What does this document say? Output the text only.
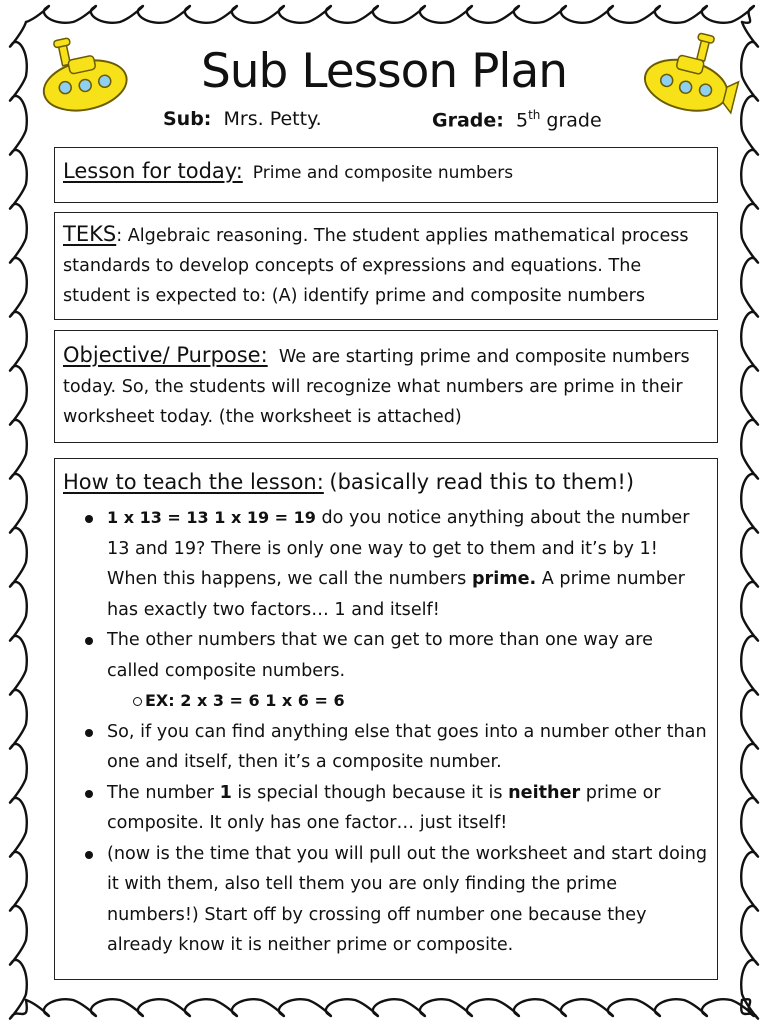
Sub Lesson Plan
Sub: Mrs. Petty.	Grade: 5th grade
Lesson for today: Prime and composite numbers
TEKS: Algebraic reasoning. The student applies mathematical process standards to develop concepts of expressions and equations. The student is expected to: (A) identify prime and composite numbers
Objective/ Purpose: We are starting prime and composite numbers today. So, the students will recognize what numbers are prime in their worksheet today. (the worksheet is attached)
How to teach the lesson: (basically read this to them!)
1 x 13 = 13 1 x 19 = 19 do you notice anything about the number 13 and 19? There is only one way to get to them and it’s by 1! When this happens, we call the numbers prime. A prime number has exactly two factors… 1 and itself!
The other numbers that we can get to more than one way are called composite numbers.
EX: 2 x 3 = 6 1 x 6 = 6
So, if you can find anything else that goes into a number other than one and itself, then it’s a composite number.
The number 1 is special though because it is neither prime or composite. It only has one factor… just itself!
(now is the time that you will pull out the worksheet and start doing it with them, also tell them you are only finding the prime numbers!) Start off by crossing off number one because they already know it is neither prime or composite.
